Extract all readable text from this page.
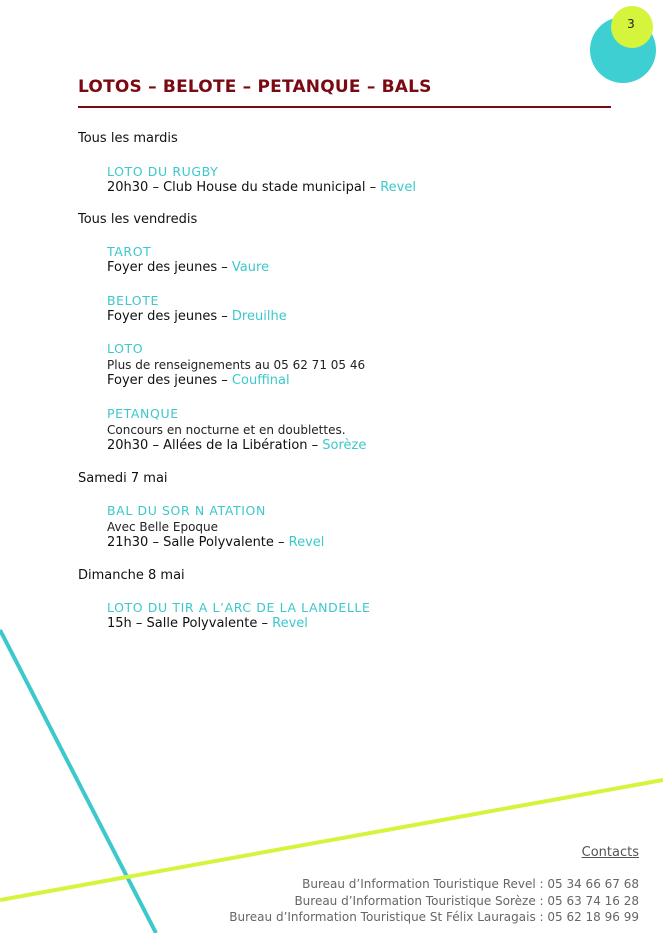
3
LOTOS – BELOTE – PETANQUE – BALS
Tous les mardis
LOTO DU RUGBY
20h30 – Club House du stade municipal – Revel
Tous les vendredis
TAROT
Foyer des jeunes – Vaure
BELOTE
Foyer des jeunes – Dreuilhe
LOTO
Plus de renseignements au 05 62 71 05 46
Foyer des jeunes – Couffinal
PETANQUE
Concours en nocturne et en doublettes.
20h30 – Allées de la Libération – Sorèze
Samedi 7 mai
BAL DU SOR N ATATION
Avec Belle Epoque
21h30 – Salle Polyvalente – Revel
Dimanche 8 mai
LOTO DU TIR A L’ARC DE LA LANDELLE
15h – Salle Polyvalente – Revel
Contacts
Bureau d’Information Touristique Revel : 05 34 66 67 68
Bureau d’Information Touristique Sorèze : 05 63 74 16 28
Bureau d’Information Touristique St Félix Lauragais : 05 62 18 96 99
